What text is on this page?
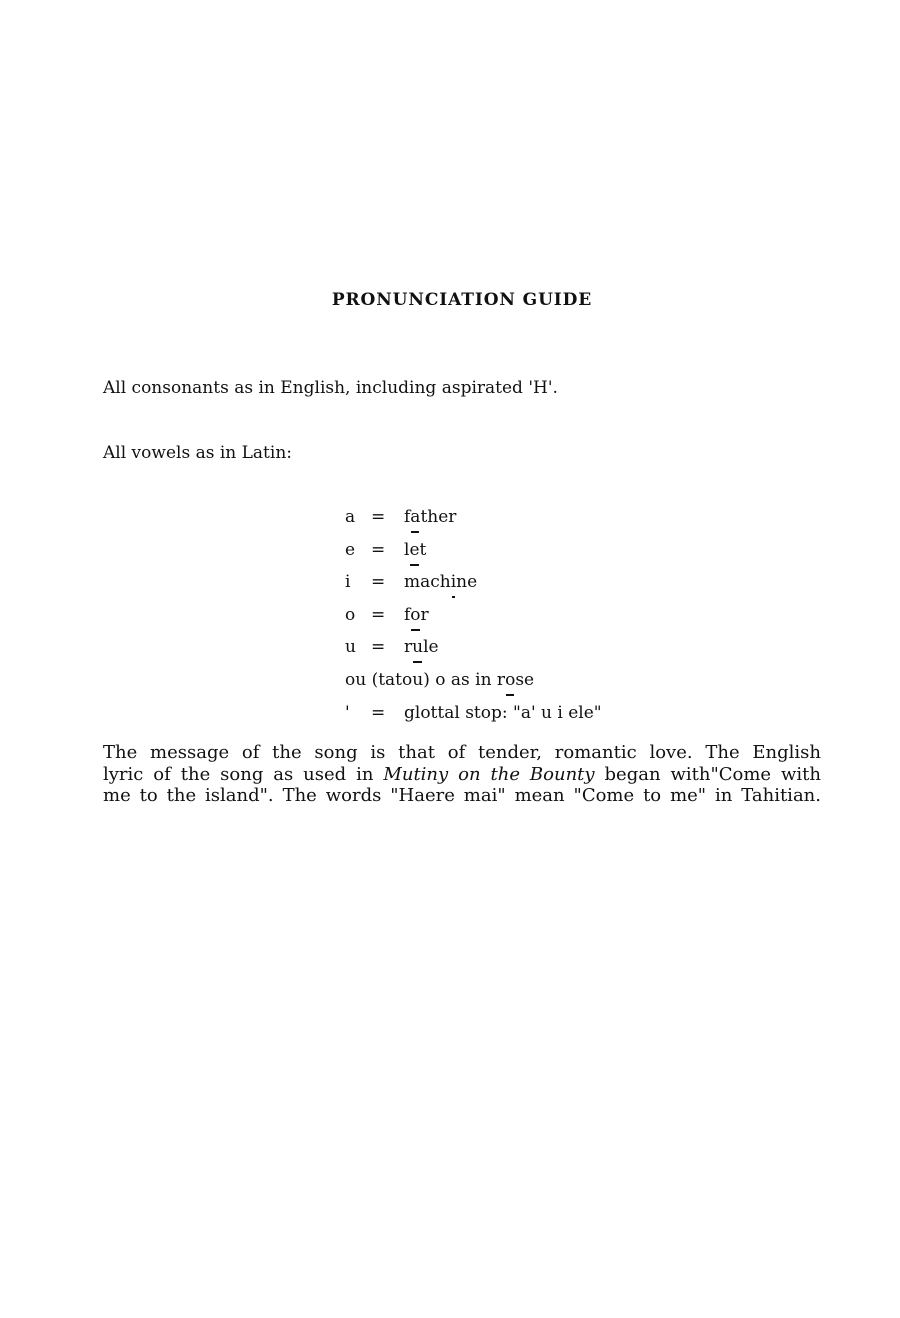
PRONUNCIATION GUIDE
All consonants as in English, including aspirated 'H'.
All vowels as in Latin:
a = father
e = let
i = machine
o = for
u = rule
ou (tatou) o as in rose
' = glottal stop: "a' u i ele"
The message of the song is that of tender, romantic love. The English
lyric of the song as used in Mutiny on the Bounty began with"Come with
me to the island". The words "Haere mai" mean "Come to me" in Tahitian.
